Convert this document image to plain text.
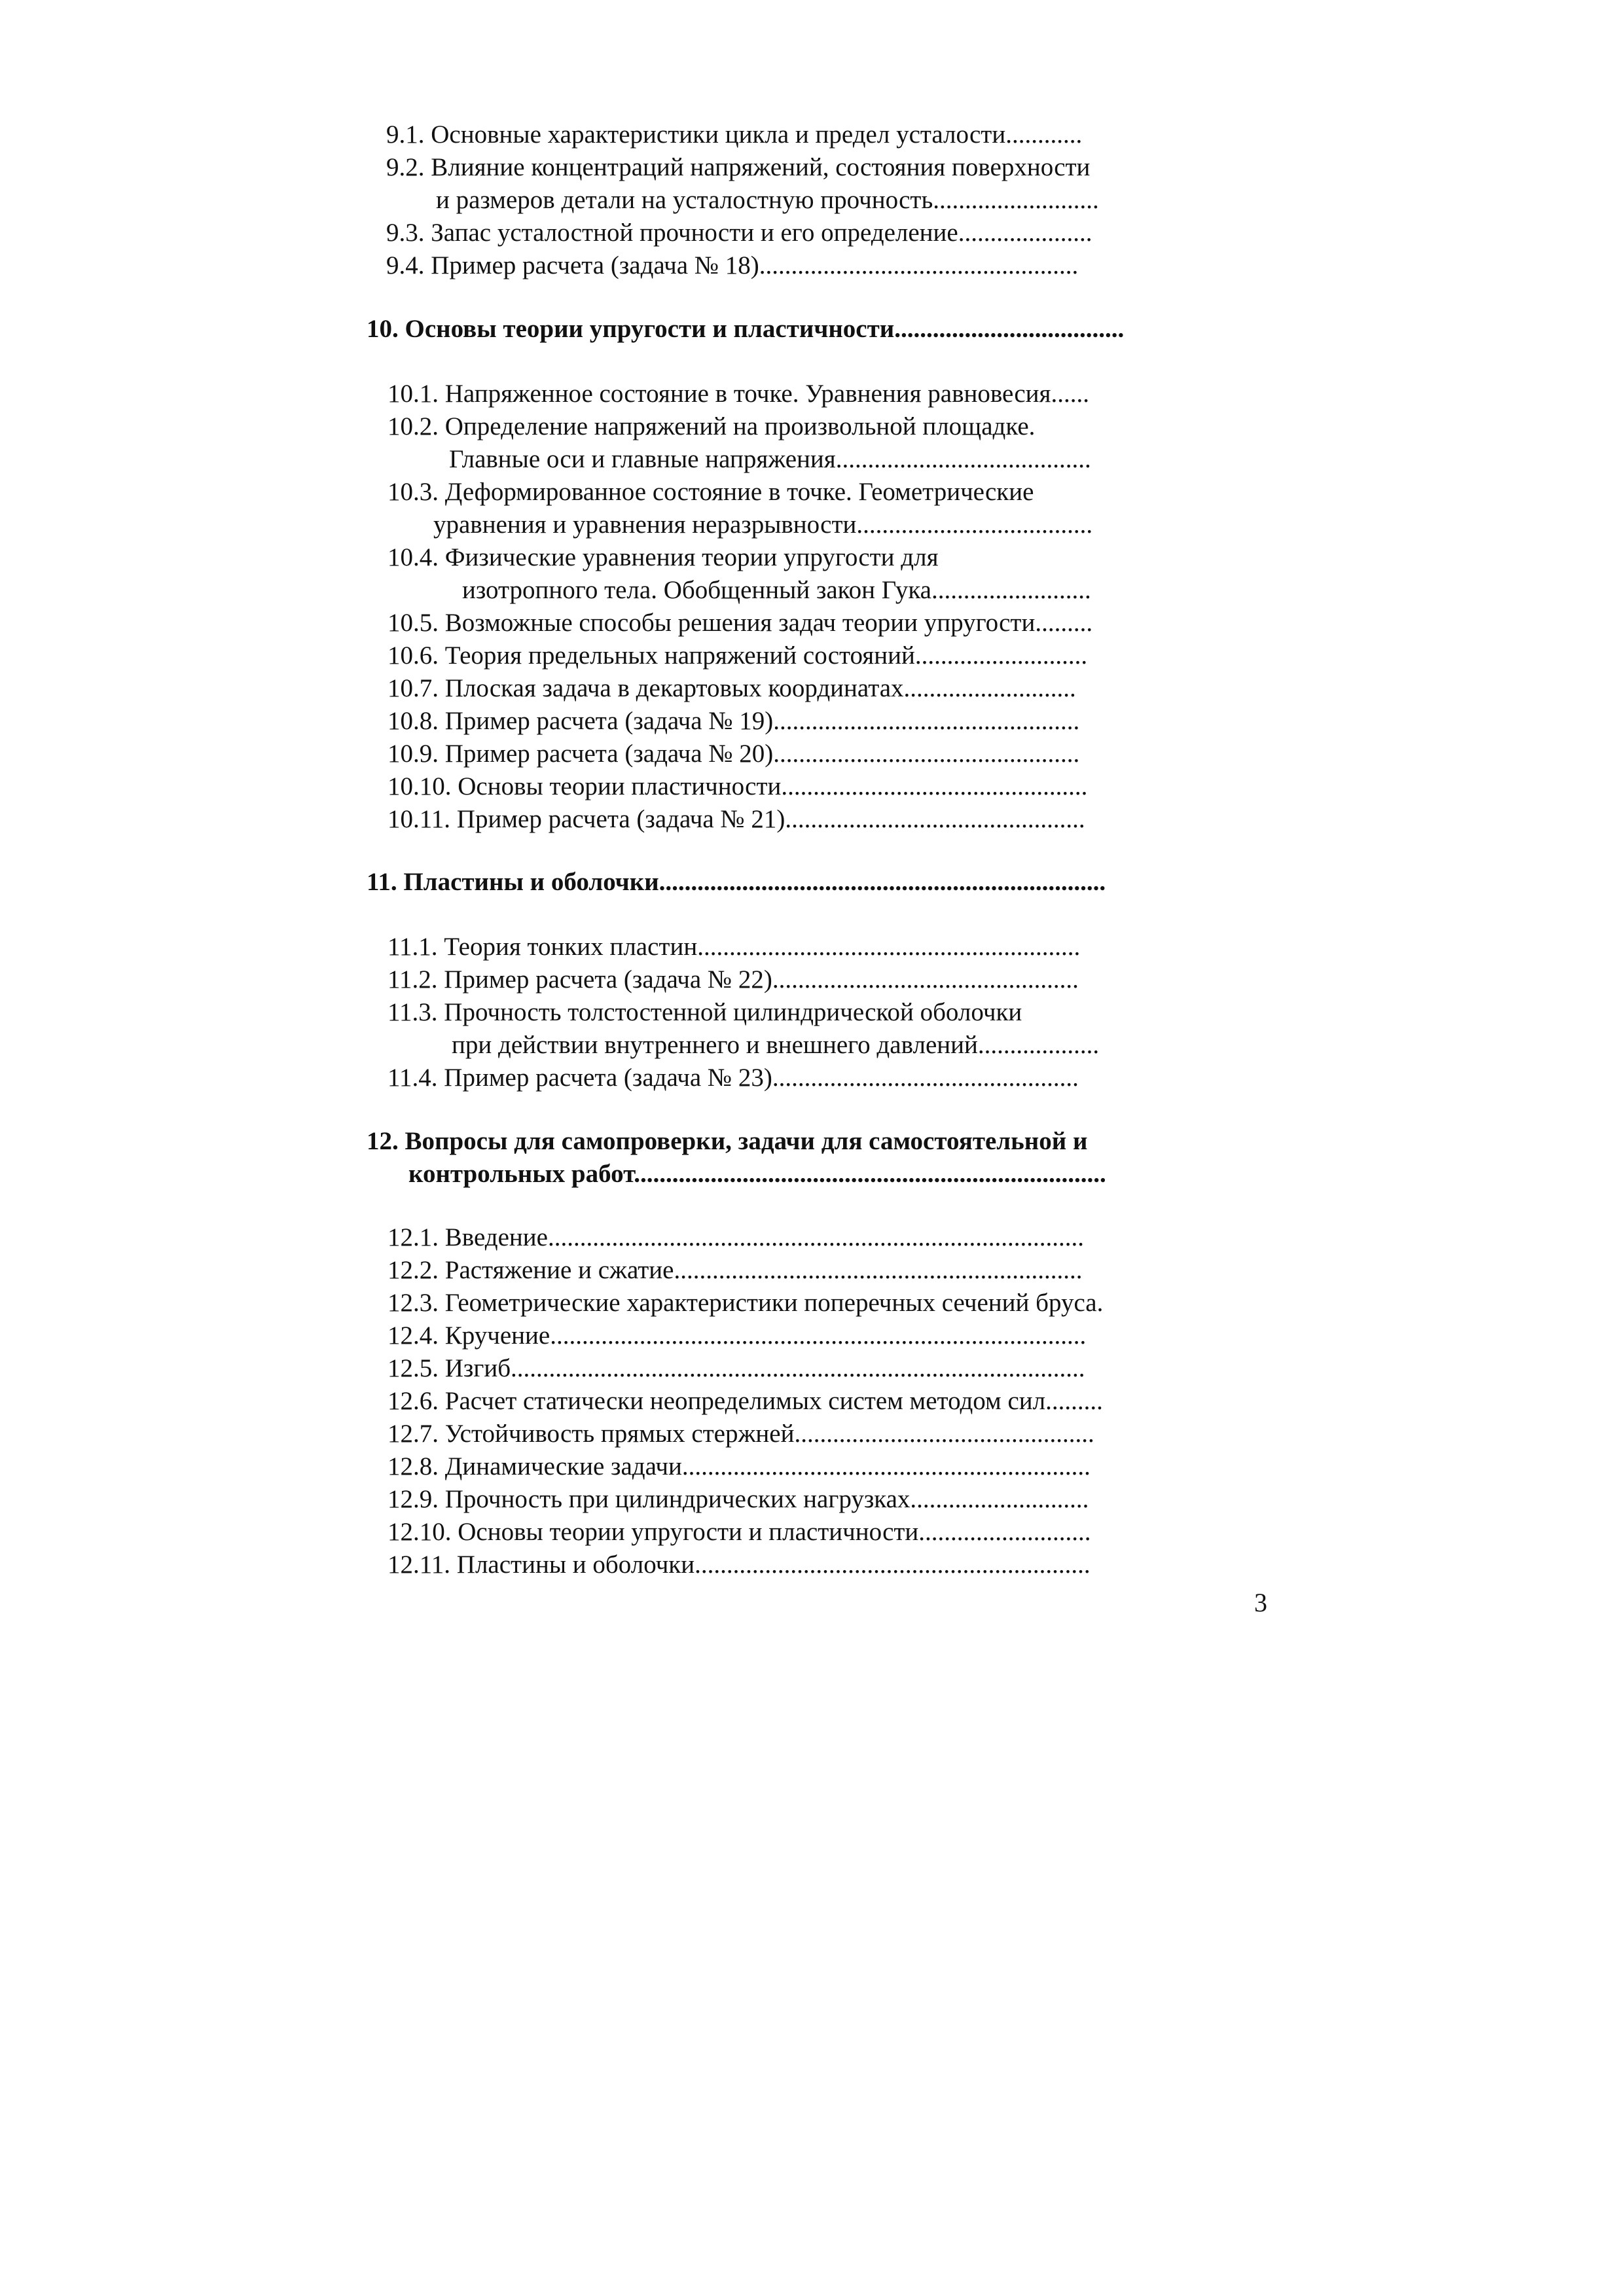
9.1. Основные характеристики цикла и предел усталости............
9.2. Влияние концентраций напряжений, состояния поверхности
и размеров детали на усталостную прочность..........................
9.3. Запас усталостной прочности и его определение.....................
9.4. Пример расчета (задача № 18)..................................................
10. Основы теории упругости и пластичности....................................
10.1. Напряженное состояние в точке. Уравнения равновесия......
10.2. Определение напряжений на произвольной площадке.
Главные оси и главные напряжения........................................
10.3. Деформированное состояние в точке. Геометрические
уравнения и уравнения неразрывности.....................................
10.4. Физические уравнения теории упругости для
изотропного тела. Обобщенный закон Гука.........................
10.5. Возможные способы решения задач теории упругости.........
10.6. Теория предельных напряжений состояний...........................
10.7. Плоская задача в декартовых координатах...........................
10.8. Пример расчета (задача № 19)................................................
10.9. Пример расчета (задача № 20)................................................
10.10. Основы теории пластичности................................................
10.11. Пример расчета (задача № 21)...............................................
11. Пластины и оболочки......................................................................
11.1. Теория тонких пластин............................................................
11.2. Пример расчета (задача № 22)................................................
11.3. Прочность толстостенной цилиндрической оболочки
при действии внутреннего и внешнего давлений...................
11.4. Пример расчета (задача № 23)................................................
12. Вопросы для самопроверки, задачи для самостоятельной и
контрольных работ..........................................................................
12.1. Введение....................................................................................
12.2. Растяжение и сжатие................................................................
12.3. Геометрические характеристики поперечных сечений бруса.
12.4. Кручение....................................................................................
12.5. Изгиб..........................................................................................
12.6. Расчет статически неопределимых систем методом сил.........
12.7. Устойчивость прямых стержней...............................................
12.8. Динамические задачи................................................................
12.9. Прочность при цилиндрических нагрузках............................
12.10. Основы теории упругости и пластичности...........................
12.11. Пластины и оболочки..............................................................
3
